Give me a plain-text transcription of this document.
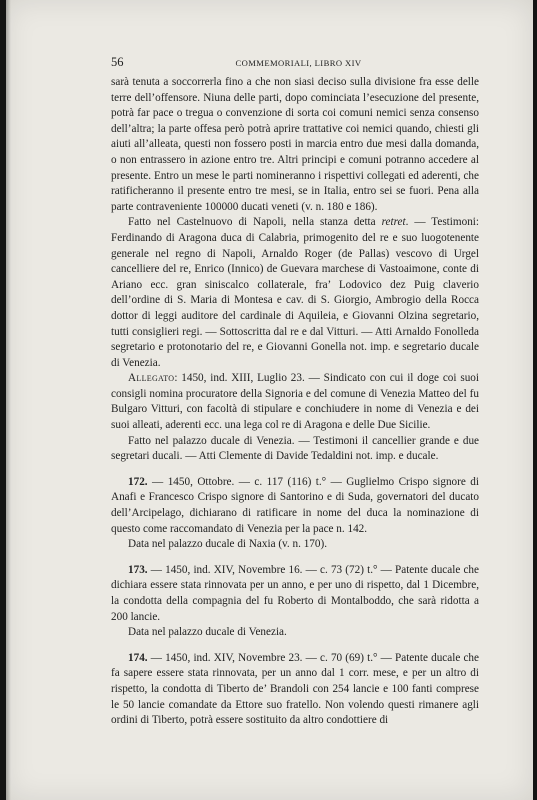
56	COMMEMORIALI, LIBRO XIV

sarà tenuta a soccorrerla fino a che non siasi deciso sulla divisione fra esse delle terre dell’offensore. Niuna delle parti, dopo cominciata l’esecuzione del presente, potrà far pace o tregua o convenzione di sorta coi comuni nemici senza consenso dell’altra; la parte offesa però potrà aprire trattative coi nemici quando, chiesti gli aiuti all’alleata, questi non fossero posti in marcia entro due mesi dalla domanda, o non entrassero in azione entro tre. Altri principi e comuni potranno accedere al presente. Entro un mese le parti nomineranno i rispettivi collegati ed aderenti, che ratificheranno il presente entro tre mesi, se in Italia, entro sei se fuori. Pena alla parte contraveniente 100000 ducati veneti (v. n. 180 e 186).

Fatto nel Castelnuovo di Napoli, nella stanza detta retret. — Testimoni: Ferdinando di Aragona duca di Calabria, primogenito del re e suo luogotenente generale nel regno di Napoli, Arnaldo Roger (de Pallas) vescovo di Urgel cancelliere del re, Enrico (Innico) de Guevara marchese di Vastoaimone, conte di Ariano ecc. gran siniscalco collaterale, fra’ Lodovico dez Puig claverio dell’ordine di S. Maria di Montesa e cav. di S. Giorgio, Ambrogio della Rocca dottor di leggi auditore del cardinale di Aquileia, e Giovanni Olzina segretario, tutti consiglieri regi. — Sottoscritta dal re e dal Vitturi. — Atti Arnaldo Fonolleda segretario e protonotario del re, e Giovanni Gonella not. imp. e segretario ducale di Venezia.

Allegato: 1450, ind. XIII, Luglio 23. — Sindicato con cui il doge coi suoi consigli nomina procuratore della Signoria e del comune di Venezia Matteo del fu Bulgaro Vitturi, con facoltà di stipulare e conchiudere in nome di Venezia e dei suoi alleati, aderenti ecc. una lega col re di Aragona e delle Due Sicilie.

Fatto nel palazzo ducale di Venezia. — Testimoni il cancellier grande e due segretari ducali. — Atti Clemente di Davide Tedaldini not. imp. e ducale.

172. — 1450, Ottobre. — c. 117 (116) t.° — Guglielmo Crispo signore di Anafi e Francesco Crispo signore di Santorino e di Suda, governatori del ducato dell’Arcipelago, dichiarano di ratificare in nome del duca la nominazione di questo come raccomandato di Venezia per la pace n. 142.

Data nel palazzo ducale di Naxia (v. n. 170).

173. — 1450, ind. XIV, Novembre 16. — c. 73 (72) t.° — Patente ducale che dichiara essere stata rinnovata per un anno, e per uno di rispetto, dal 1 Dicembre, la condotta della compagnia del fu Roberto di Montalboddo, che sarà ridotta a 200 lancie.

Data nel palazzo ducale di Venezia.

174. — 1450, ind. XIV, Novembre 23. — c. 70 (69) t.° — Patente ducale che fa sapere essere stata rinnovata, per un anno dal 1 corr. mese, e per un altro di rispetto, la condotta di Tiberto de’ Brandoli con 254 lancie e 100 fanti comprese le 50 lancie comandate da Ettore suo fratello. Non volendo questi rimanere agli ordini di Tiberto, potrà essere sostituito da altro condottiere di
